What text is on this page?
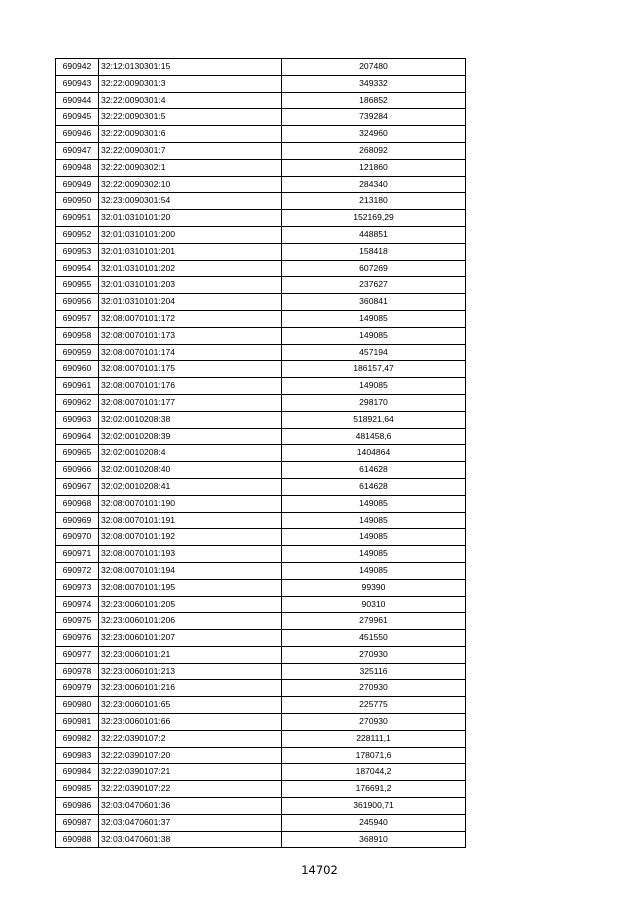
690942	32:12:0130301:15	207480
690943	32:22:0090301:3	349332
690944	32:22:0090301:4	186852
690945	32:22:0090301:5	739284
690946	32:22:0090301:6	324960
690947	32:22:0090301:7	268092
690948	32:22:0090302:1	121860
690949	32:22:0090302:10	284340
690950	32:23:0090301:54	213180
690951	32:01:0310101:20	152169,29
690952	32:01:0310101:200	448851
690953	32:01:0310101:201	158418
690954	32:01:0310101:202	607269
690955	32:01:0310101:203	237627
690956	32:01:0310101:204	360841
690957	32:08:0070101:172	149085
690958	32:08:0070101:173	149085
690959	32:08:0070101:174	457194
690960	32:08:0070101:175	186157,47
690961	32:08:0070101:176	149085
690962	32:08:0070101:177	298170
690963	32:02:0010208:38	518921,64
690964	32:02:0010208:39	481458,6
690965	32:02:0010208:4	1404864
690966	32:02:0010208:40	614628
690967	32:02:0010208:41	614628
690968	32:08:0070101:190	149085
690969	32:08:0070101:191	149085
690970	32:08:0070101:192	149085
690971	32:08:0070101:193	149085
690972	32:08:0070101:194	149085
690973	32:08:0070101:195	99390
690974	32:23:0060101:205	90310
690975	32:23:0060101:206	279961
690976	32:23:0060101:207	451550
690977	32:23:0060101:21	270930
690978	32:23:0060101:213	325116
690979	32:23:0060101:216	270930
690980	32:23:0060101:65	225775
690981	32:23:0060101:66	270930
690982	32:22:0390107:2	228111,1
690983	32:22:0390107:20	178071,6
690984	32:22:0390107:21	187044,2
690985	32:22:0390107:22	176691,2
690986	32:03:0470601:36	361900,71
690987	32:03:0470601:37	245940
690988	32:03:0470601:38	368910
14702
